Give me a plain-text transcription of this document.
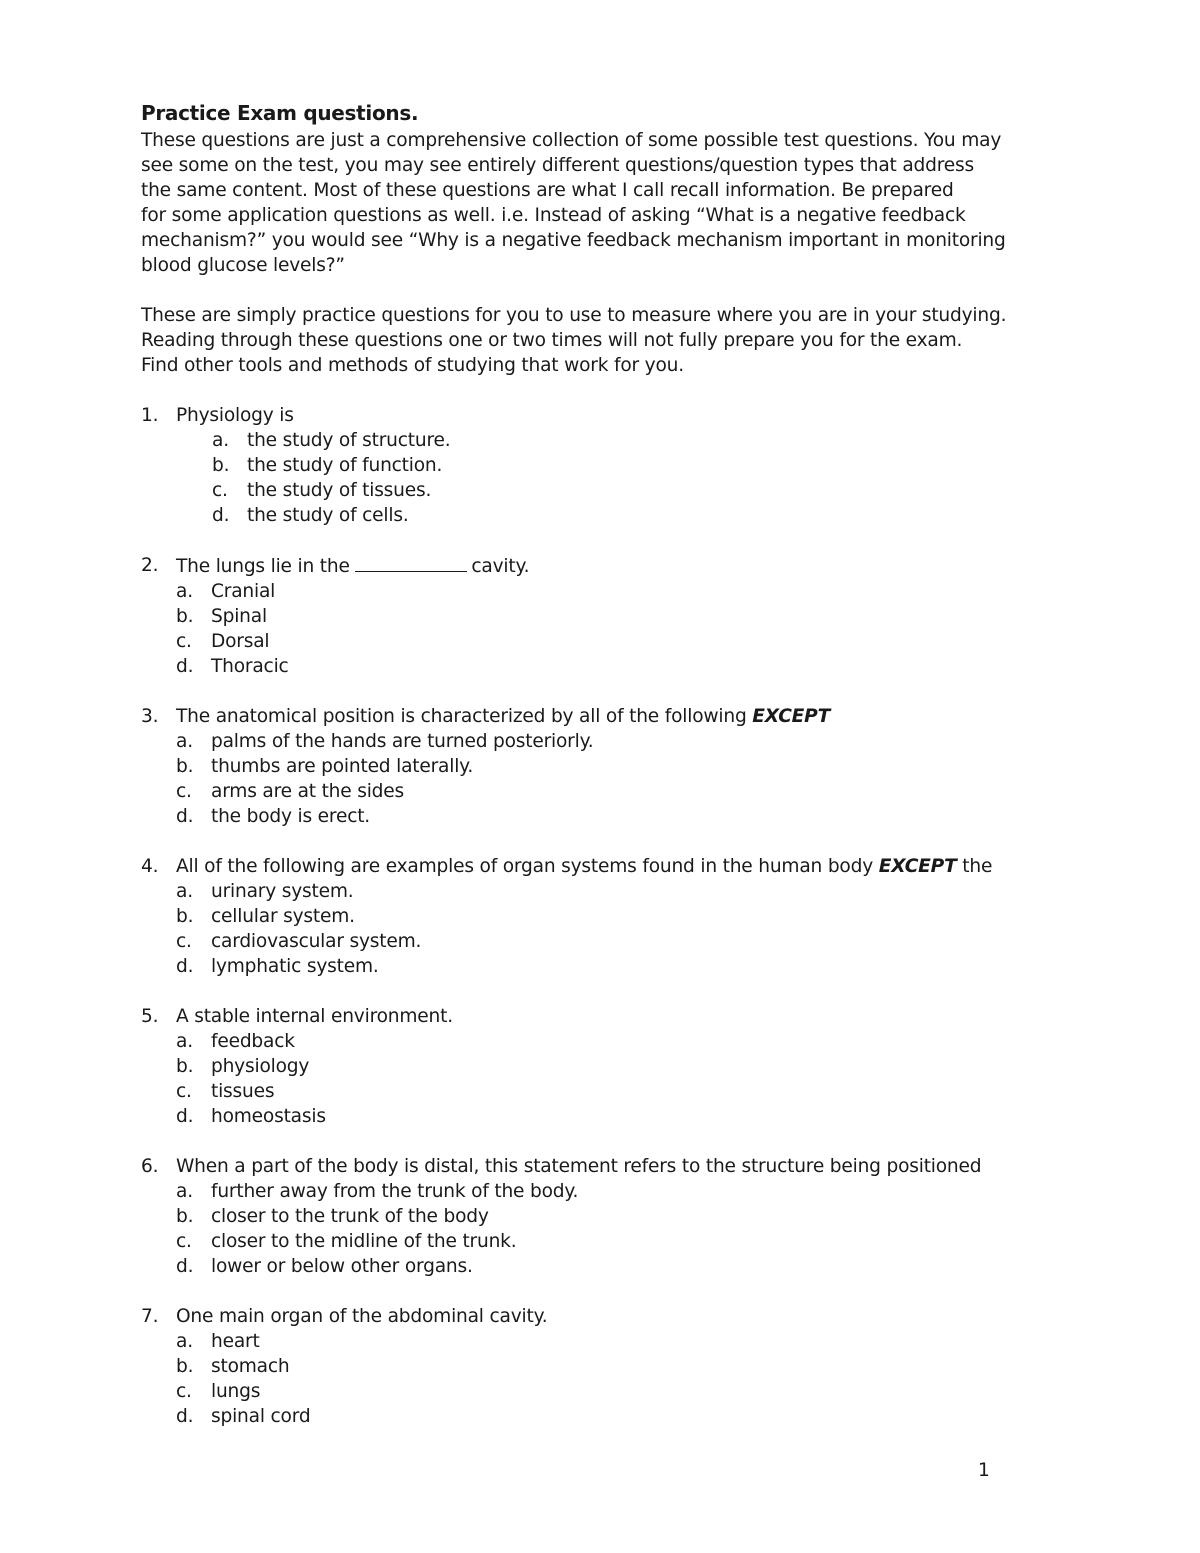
Practice Exam questions.

These questions are just a comprehensive collection of some possible test questions. You may
see some on the test, you may see entirely different questions/question types that address
the same content. Most of these questions are what I call recall information. Be prepared
for some application questions as well. i.e. Instead of asking “What is a negative feedback
mechanism?” you would see “Why is a negative feedback mechanism important in monitoring
blood glucose levels?”

These are simply practice questions for you to use to measure where you are in your studying.
Reading through these questions one or two times will not fully prepare you for the exam.
Find other tools and methods of studying that work for you.

1. Physiology is
a. the study of structure.
b. the study of function.
c.	the study of tissues.
d. the study of cells.
2. The lungs lie in the	cavity.
a. Cranial
b. Spinal
c.	Dorsal
d. Thoracic
3. The anatomical position is characterized by all of the following EXCEPT
a. palms of the hands are turned posteriorly.
b. thumbs are pointed laterally.
c.	arms are at the sides
d. the body is erect.
4. All of the following are examples of organ systems found in the human body EXCEPT the
a. urinary system.
b. cellular system.
c.	cardiovascular system.
d. lymphatic system.
5. A stable internal environment.
a. feedback
b. physiology
c.	tissues
d. homeostasis
6. When a part of the body is distal, this statement refers to the structure being positioned
a. further away from the trunk of the body.
b. closer to the trunk of the body
c.	closer to the midline of the trunk.
d. lower or below other organs.
7. One main organ of the abdominal cavity.
a. heart
b. stomach
c.	lungs
d. spinal cord
1
